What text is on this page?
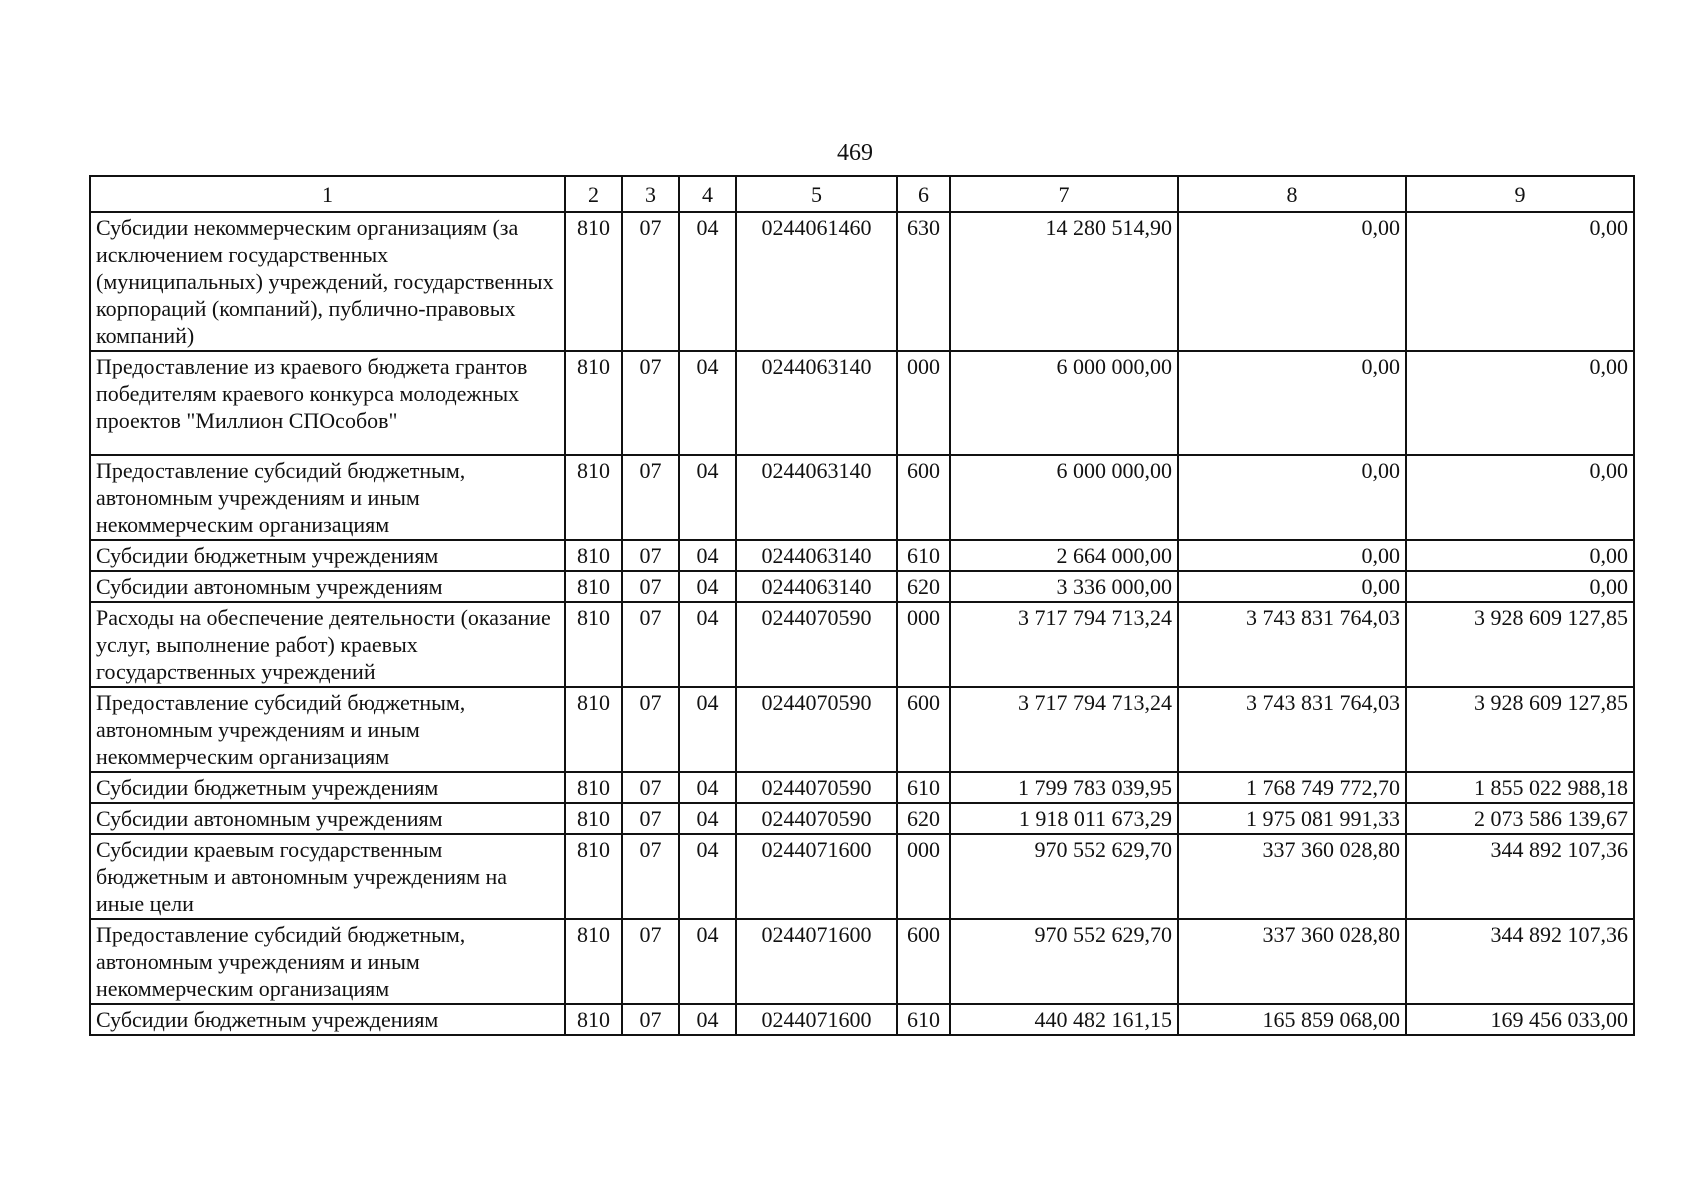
469
1	2	3	4	5	6	7	8	9
Субсидии некоммерческим организациям (за исключением государственных (муниципальных) учреждений, государственных корпораций (компаний), публично-правовых компаний)	810	07	04	0244061460	630	14 280 514,90	0,00	0,00
Предоставление из краевого бюджета грантов победителям краевого конкурса молодежных проектов "Миллион СПОсобов"	810	07	04	0244063140	000	6 000 000,00	0,00	0,00
Предоставление субсидий бюджетным, автономным учреждениям и иным некоммерческим организациям	810	07	04	0244063140	600	6 000 000,00	0,00	0,00
Субсидии бюджетным учреждениям	810	07	04	0244063140	610	2 664 000,00	0,00	0,00
Субсидии автономным учреждениям	810	07	04	0244063140	620	3 336 000,00	0,00	0,00
Расходы на обеспечение деятельности (оказание услуг, выполнение работ) краевых государственных учреждений	810	07	04	0244070590	000	3 717 794 713,24	3 743 831 764,03	3 928 609 127,85
Предоставление субсидий бюджетным, автономным учреждениям и иным некоммерческим организациям	810	07	04	0244070590	600	3 717 794 713,24	3 743 831 764,03	3 928 609 127,85
Субсидии бюджетным учреждениям	810	07	04	0244070590	610	1 799 783 039,95	1 768 749 772,70	1 855 022 988,18
Субсидии автономным учреждениям	810	07	04	0244070590	620	1 918 011 673,29	1 975 081 991,33	2 073 586 139,67
Субсидии краевым государственным бюджетным и автономным учреждениям на иные цели	810	07	04	0244071600	000	970 552 629,70	337 360 028,80	344 892 107,36
Предоставление субсидий бюджетным, автономным учреждениям и иным некоммерческим организациям	810	07	04	0244071600	600	970 552 629,70	337 360 028,80	344 892 107,36
Субсидии бюджетным учреждениям	810	07	04	0244071600	610	440 482 161,15	165 859 068,00	169 456 033,00
